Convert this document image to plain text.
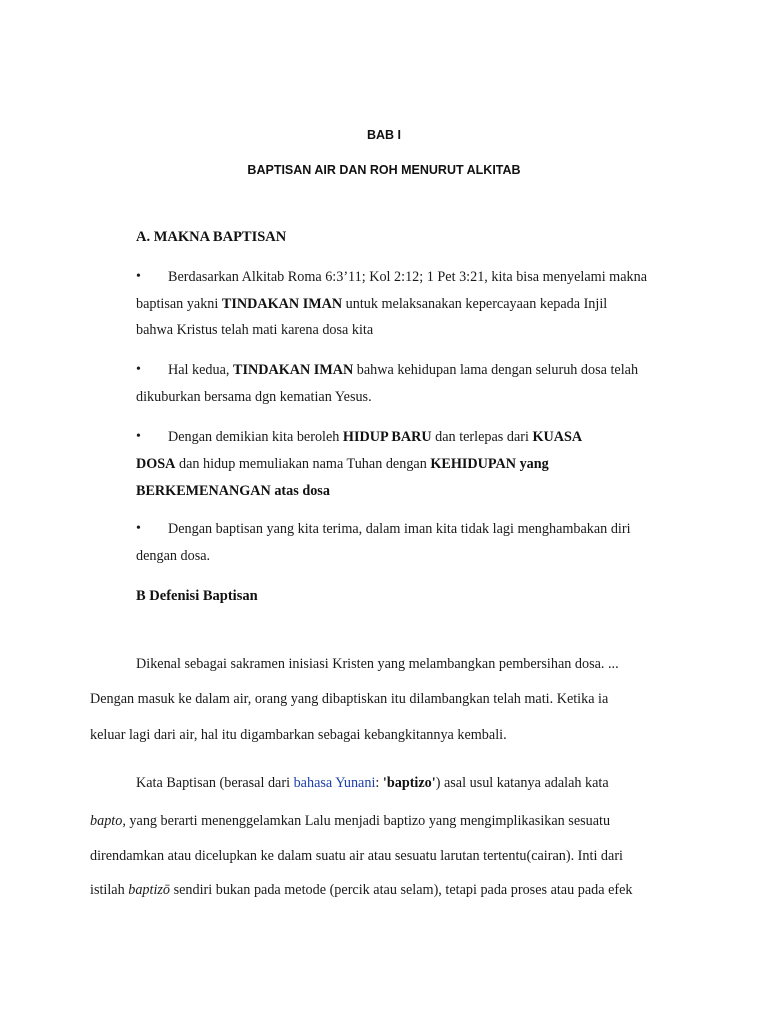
BAB I
BAPTISAN AIR DAN ROH MENURUT ALKITAB
A. MAKNA BAPTISAN
• Berdasarkan Alkitab Roma 6:3’11; Kol 2:12; 1 Pet 3:21, kita bisa menyelami makna
baptisan yakni TINDAKAN IMAN untuk melaksanakan kepercayaan kepada Injil
bahwa Kristus telah mati karena dosa kita
• Hal kedua, TINDAKAN IMAN bahwa kehidupan lama dengan seluruh dosa telah
dikuburkan bersama dgn kematian Yesus.
• Dengan demikian kita beroleh HIDUP BARU dan terlepas dari KUASA
DOSA dan hidup memuliakan nama Tuhan dengan KEHIDUPAN yang
BERKEMENANGAN atas dosa
• Dengan baptisan yang kita terima, dalam iman kita tidak lagi menghambakan diri
dengan dosa.
B Defenisi Baptisan
Dikenal sebagai sakramen inisiasi Kristen yang melambangkan pembersihan dosa. ...
Dengan masuk ke dalam air, orang yang dibaptiskan itu dilambangkan telah mati. Ketika ia
keluar lagi dari air, hal itu digambarkan sebagai kebangkitannya kembali.
Kata Baptisan (berasal dari bahasa Yunani: 'baptizo') asal usul katanya adalah kata
bapto, yang berarti menenggelamkan Lalu menjadi baptizo yang mengimplikasikan sesuatu
direndamkan atau dicelupkan ke dalam suatu air atau sesuatu larutan tertentu(cairan). Inti dari
istilah baptizō sendiri bukan pada metode (percik atau selam), tetapi pada proses atau pada efek
